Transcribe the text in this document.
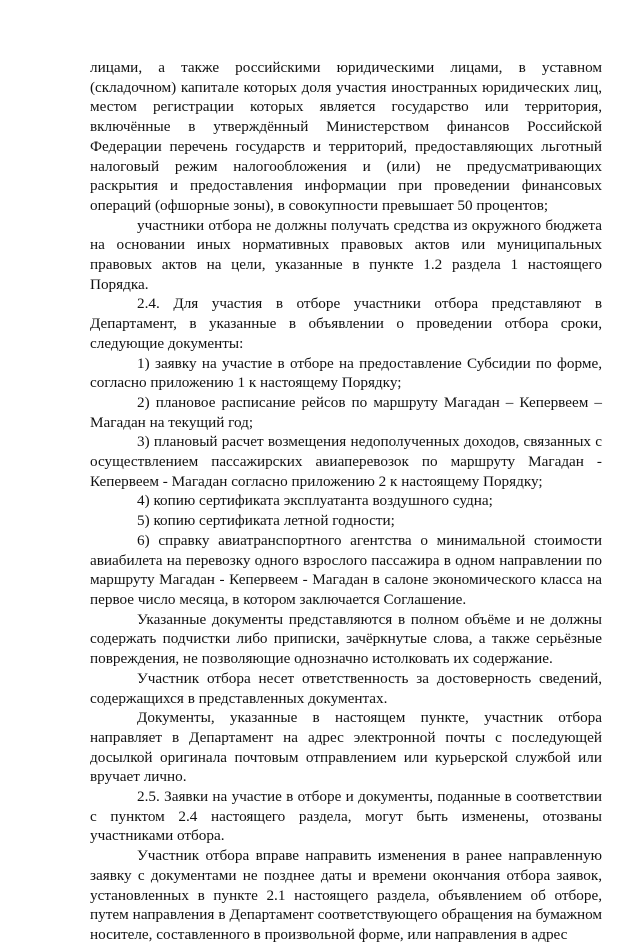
лицами, а также российскими юридическими лицами, в уставном (складочном) капитале которых доля участия иностранных юридических лиц, местом регистрации которых является государство или территория, включённые в утверждённый Министерством финансов Российской Федерации перечень государств и территорий, предоставляющих льготный налоговый режим налогообложения и (или) не предусматривающих раскрытия и предоставления информации при проведении финансовых операций (офшорные зоны), в совокупности превышает 50 процентов;

участники отбора не должны получать средства из окружного бюджета на основании иных нормативных правовых актов или муниципальных правовых актов на цели, указанные в пункте 1.2 раздела 1 настоящего Порядка.

2.4. Для участия в отборе участники отбора представляют в Департамент, в указанные в объявлении о проведении отбора сроки, следующие документы:

1) заявку на участие в отборе на предоставление Субсидии по форме, согласно приложению 1 к настоящему Порядку;

2) плановое расписание рейсов по маршруту Магадан – Кепервеем – Магадан на текущий год;

3) плановый расчет возмещения недополученных доходов, связанных с осуществлением пассажирских авиаперевозок по маршруту Магадан - Кепервеем - Магадан согласно приложению 2 к настоящему Порядку;

4) копию сертификата эксплуатанта воздушного судна;

5) копию сертификата летной годности;

6) справку авиатранспортного агентства о минимальной стоимости авиабилета на перевозку одного взрослого пассажира в одном направлении по маршруту Магадан - Кепервеем - Магадан в салоне экономического класса на первое число месяца, в котором заключается Соглашение.

Указанные документы представляются в полном объёме и не должны содержать подчистки либо приписки, зачёркнутые слова, а также серьёзные повреждения, не позволяющие однозначно истолковать их содержание.

Участник отбора несет ответственность за достоверность сведений, содержащихся в представленных документах.

Документы, указанные в настоящем пункте, участник отбора направляет в Департамент на адрес электронной почты с последующей досылкой оригинала почтовым отправлением или курьерской службой или вручает лично.

2.5. Заявки на участие в отборе и документы, поданные в соответствии с пунктом 2.4 настоящего раздела, могут быть изменены, отозваны участниками отбора.

Участник отбора вправе направить изменения в ранее направленную заявку с документами не позднее даты и времени окончания отбора заявок, установленных в пункте 2.1 настоящего раздела, объявлением об отборе, путем направления в Департамент соответствующего обращения на бумажном носителе, составленного в произвольной форме, или направления в адрес
